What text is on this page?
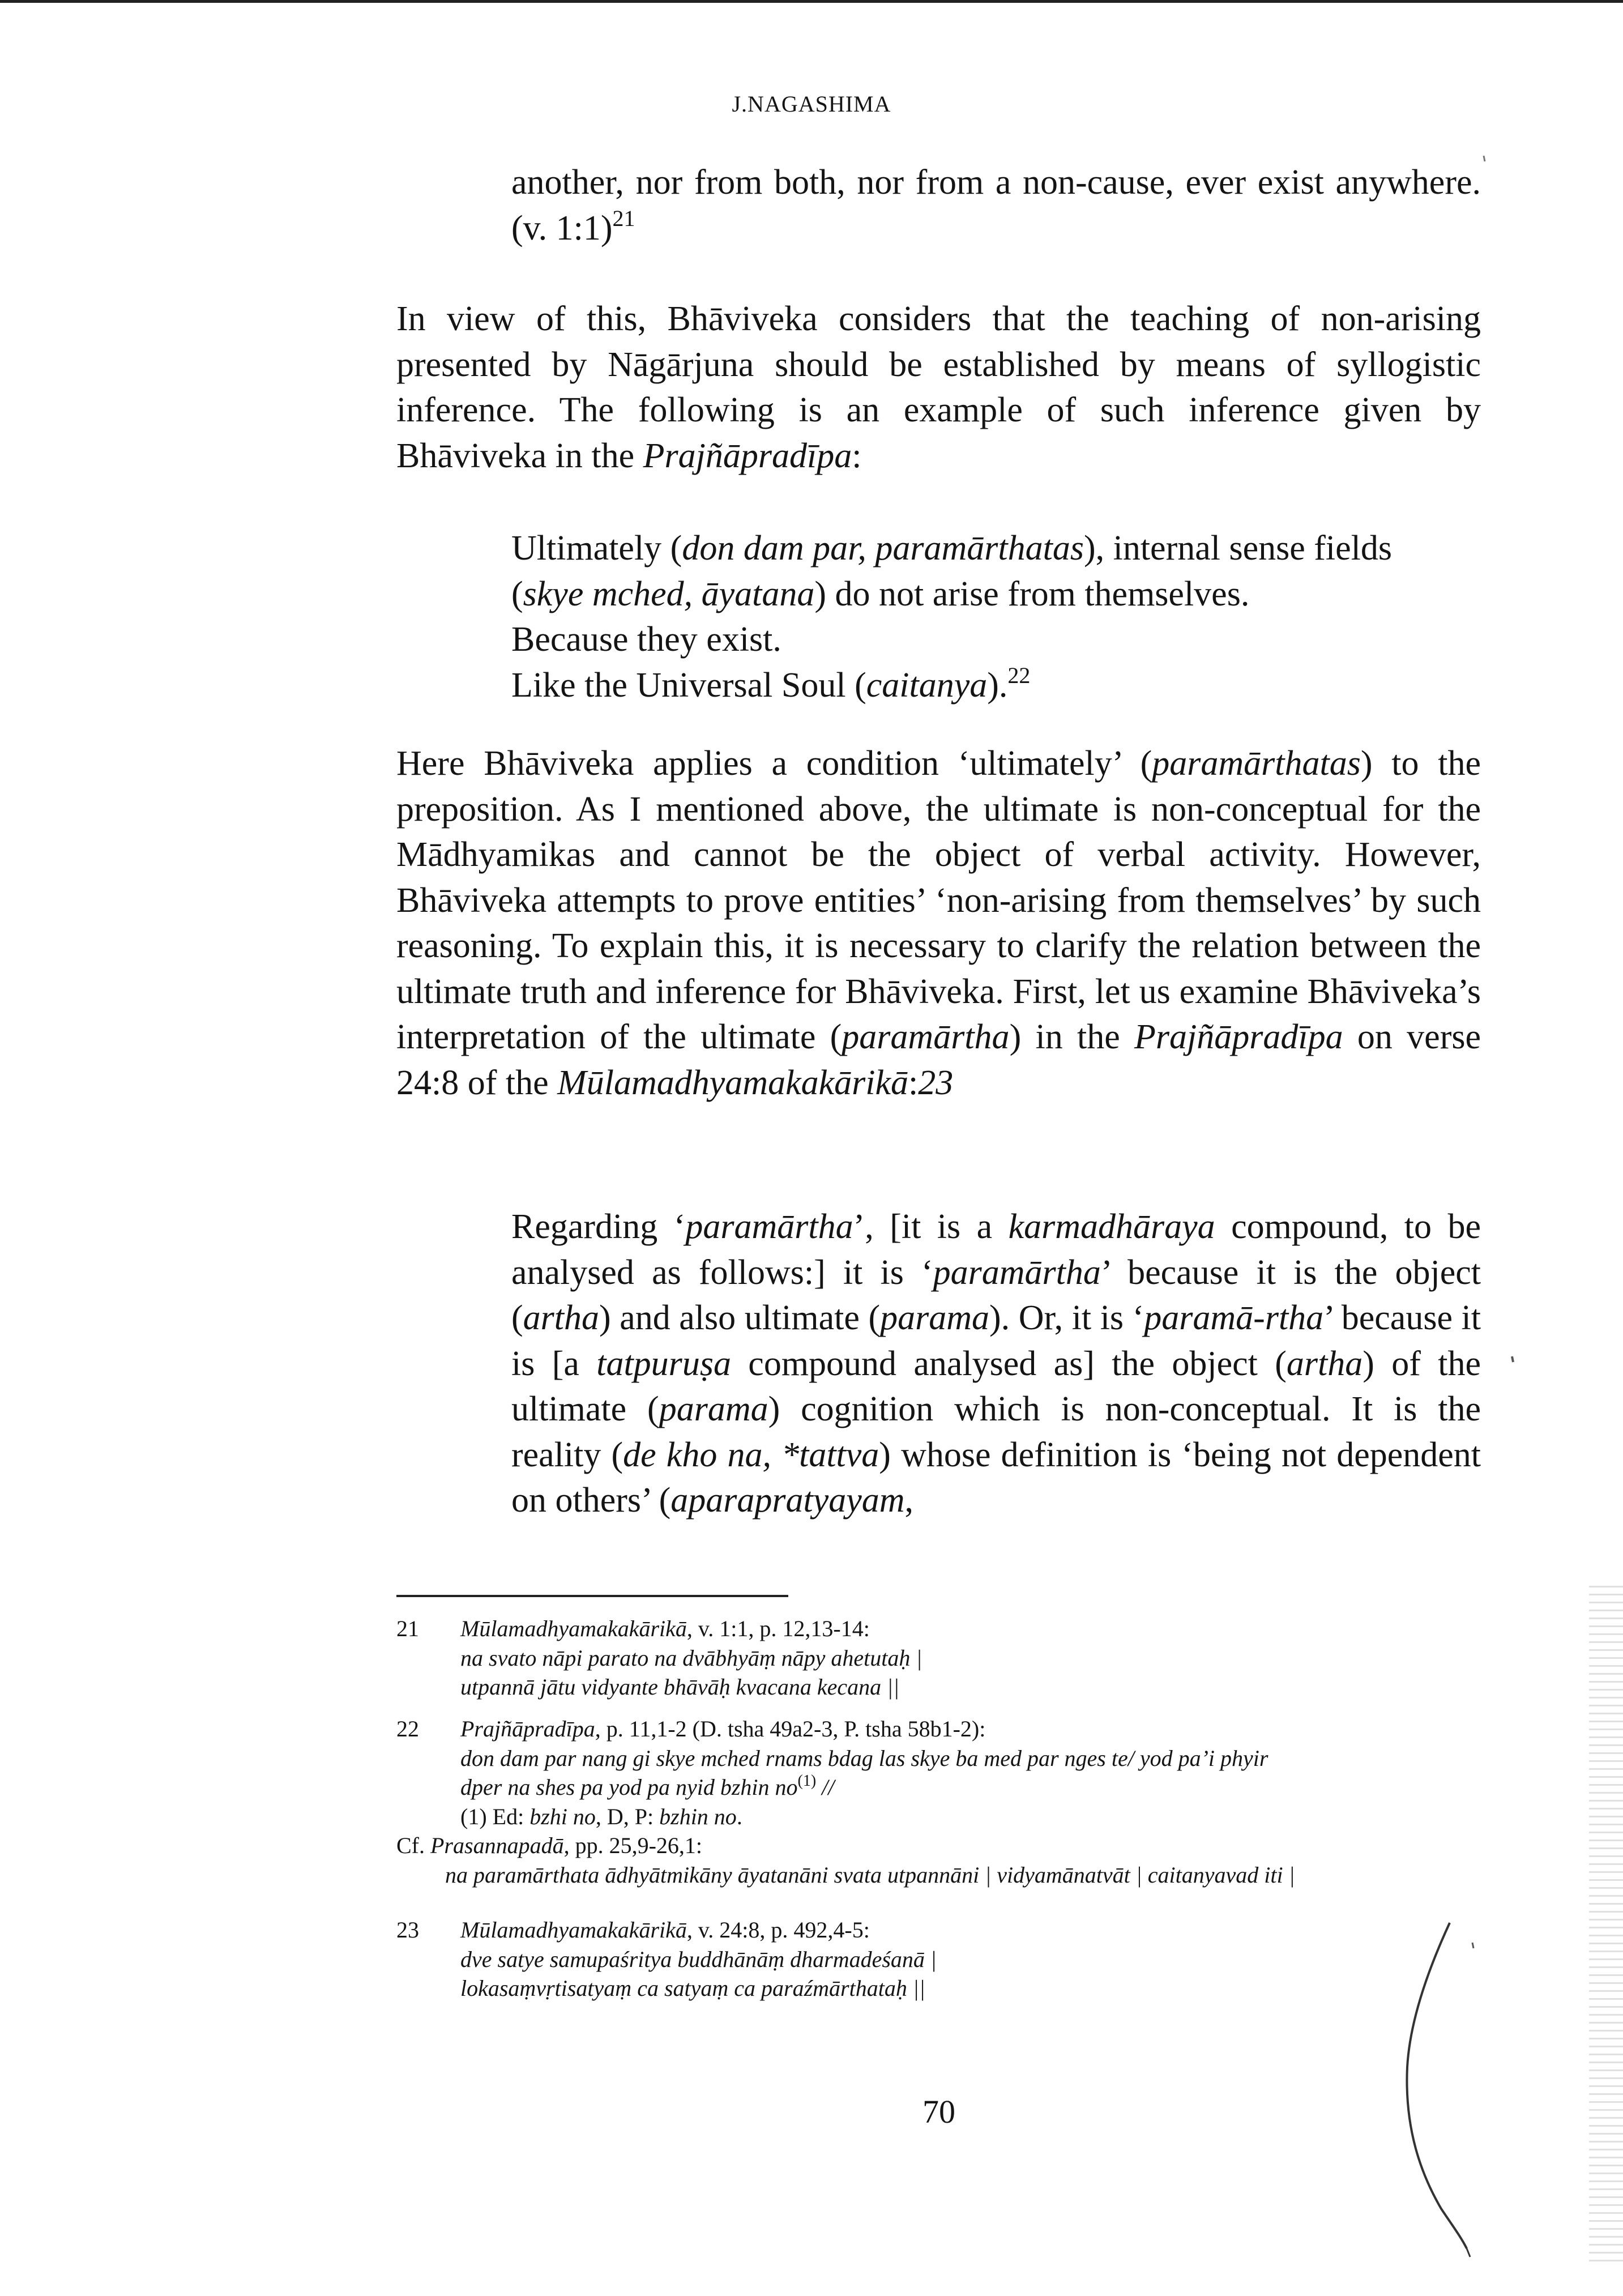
J.NAGASHIMA

another, nor from both, nor from a non-cause, ever exist anywhere. (v. 1:1)$^{21}$

In view of this, Bhāviveka considers that the teaching of non-arising presented by Nāgārjuna should be established by means of syllogistic inference. The following is an example of such inference given by Bhāviveka in the Prajñāpradīpa:

Ultimately (don dam par, paramārthatas), internal sense fields
(skye mched, āyatana) do not arise from themselves.
Because they exist.
Like the Universal Soul (caitanya).$^{22}$

Here Bhāviveka applies a condition ‘ultimately’ (paramārthatas) to the preposition. As I mentioned above, the ultimate is non-conceptual for the Mādhyamikas and cannot be the object of verbal activity. However, Bhāviveka attempts to prove entities’ ‘non-arising from themselves’ by such reasoning. To explain this, it is necessary to clarify the relation between the ultimate truth and inference for Bhāviveka. First, let us examine Bhāviveka’s interpretation of the ultimate (paramārtha) in the Prajñāpradīpa on verse 24:8 of the Mūlamadhyamakakārikā:23

Regarding ‘paramārtha’, [it is a karmadhāraya compound, to be analysed as follows:] it is ‘paramārtha’ because it is the object (artha) and also ultimate (parama). Or, it is ‘paramā-rtha’ because it is [a tatpuruṣa compound analysed as] the object (artha) of the ultimate (parama) cognition which is non-conceptual. It is the reality (de kho na, *tattva) whose definition is ‘being not dependent on others’ (aparapratyayam,

21 Mūlamadhyamakakārikā, v. 1:1, p. 12,13-14:
na svato nāpi parato na dvābhyāṃ nāpy ahetutaḥ |
utpannā jātu vidyante bhāvāḥ kvacana kecana ||
22 Prajñāpradīpa, p. 11,1-2 (D. tsha 49a2-3, P. tsha 58b1-2):
don dam par nang gi skye mched rnams bdag las skye ba med par nges te/ yod pa’i phyir
dper na shes pa yod pa nyid bzhin no$^{(1)}$ //
(1) Ed: bzhi no, D, P: bzhin no.
Cf. Prasannapadā, pp. 25,9-26,1:
na paramārthata ādhyātmikāny āyatanāni svata utpannāni | vidyamānatvāt | caitanyavad iti |
23 Mūlamadhyamakakārikā, v. 24:8, p. 492,4-5:
dve satye samupaśritya buddhānāṃ dharmadeśanā |
lokasaṃvṛtisatyaṃ ca satyaṃ ca paraźmārthataḥ ||
70
